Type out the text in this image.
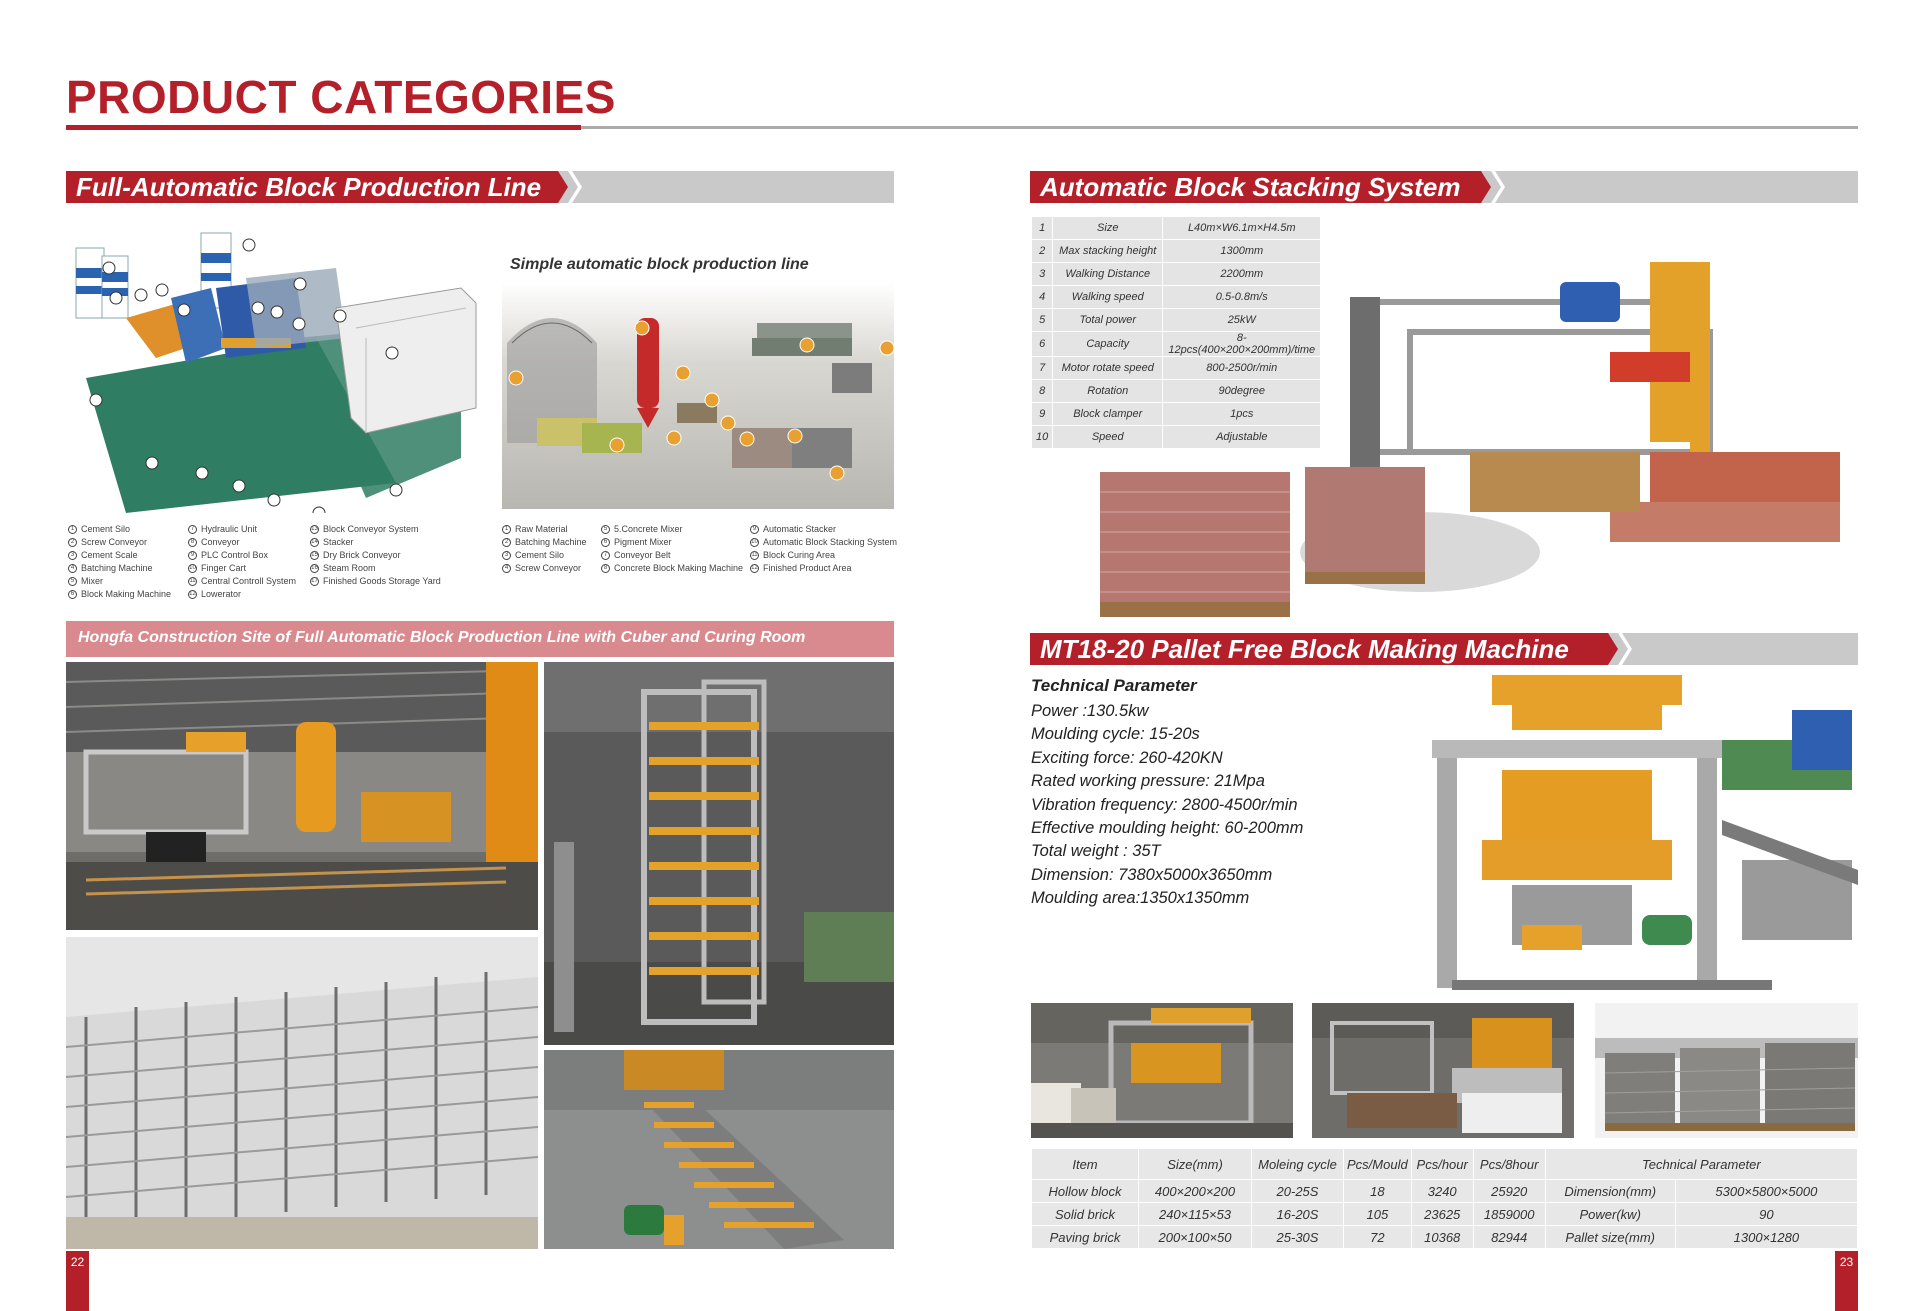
PRODUCT CATEGORIES
Full-Automatic Block Production Line
Simple automatic block production line
1 Cement Silo
2 Screw Conveyor
3 Cement Scale
4 Batching Machine
5 Mixer
6 Block Making Machine
7 Hydraulic Unit
8 Conveyor
9 PLC Control Box
10 Finger Cart
11 Central Controll System
12 Lowerator
13 Block Conveyor System
14 Stacker
15 Dry Brick Conveyor
16 Steam Room
17 Finished Goods Storage Yard
1 Raw Material
2 Batching Machine
3 Cement Silo
4 Screw Conveyor
5 5.Concrete Mixer
6 Pigment Mixer
7 Conveyor Belt
8 Concrete Block Making Machine
9 Automatic Stacker
10 Automatic Block Stacking System
11 Block Curing Area
12 Finished Product Area
Hongfa Construction Site of Full Automatic Block Production Line with Cuber and Curing Room
22
Automatic Block Stacking System
1	Size	L40m×W6.1m×H4.5m
2	Max stacking height	1300mm
3	Walking Distance	2200mm
4	Walking speed	0.5-0.8m/s
5	Total power	25kW
6	Capacity	8-12pcs(400×200×200mm)/time
7	Motor rotate speed	800-2500r/min
8	Rotation	90degree
9	Block clamper	1pcs
10	Speed	Adjustable
MT18-20 Pallet Free Block Making Machine
Technical Parameter
Power :130.5kw
Moulding cycle: 15-20s
Exciting force: 260-420KN
Rated working pressure: 21Mpa
Vibration frequency: 2800-4500r/min
Effective moulding height: 60-200mm
Total weight : 35T
Dimension: 7380x5000x3650mm
Moulding area:1350x1350mm
Item	Size(mm)	Moleing cycle	Pcs/Mould	Pcs/hour	Pcs/8hour	Technical Parameter	
Hollow block	400×200×200	20-25S	18	3240	25920	Dimension(mm)	5300×5800×5000
Solid brick	240×115×53	16-20S	105	23625	1859000	Power(kw)	90
Paving brick	200×100×50	25-30S	72	10368	82944	Pallet size(mm)	1300×1280
23
